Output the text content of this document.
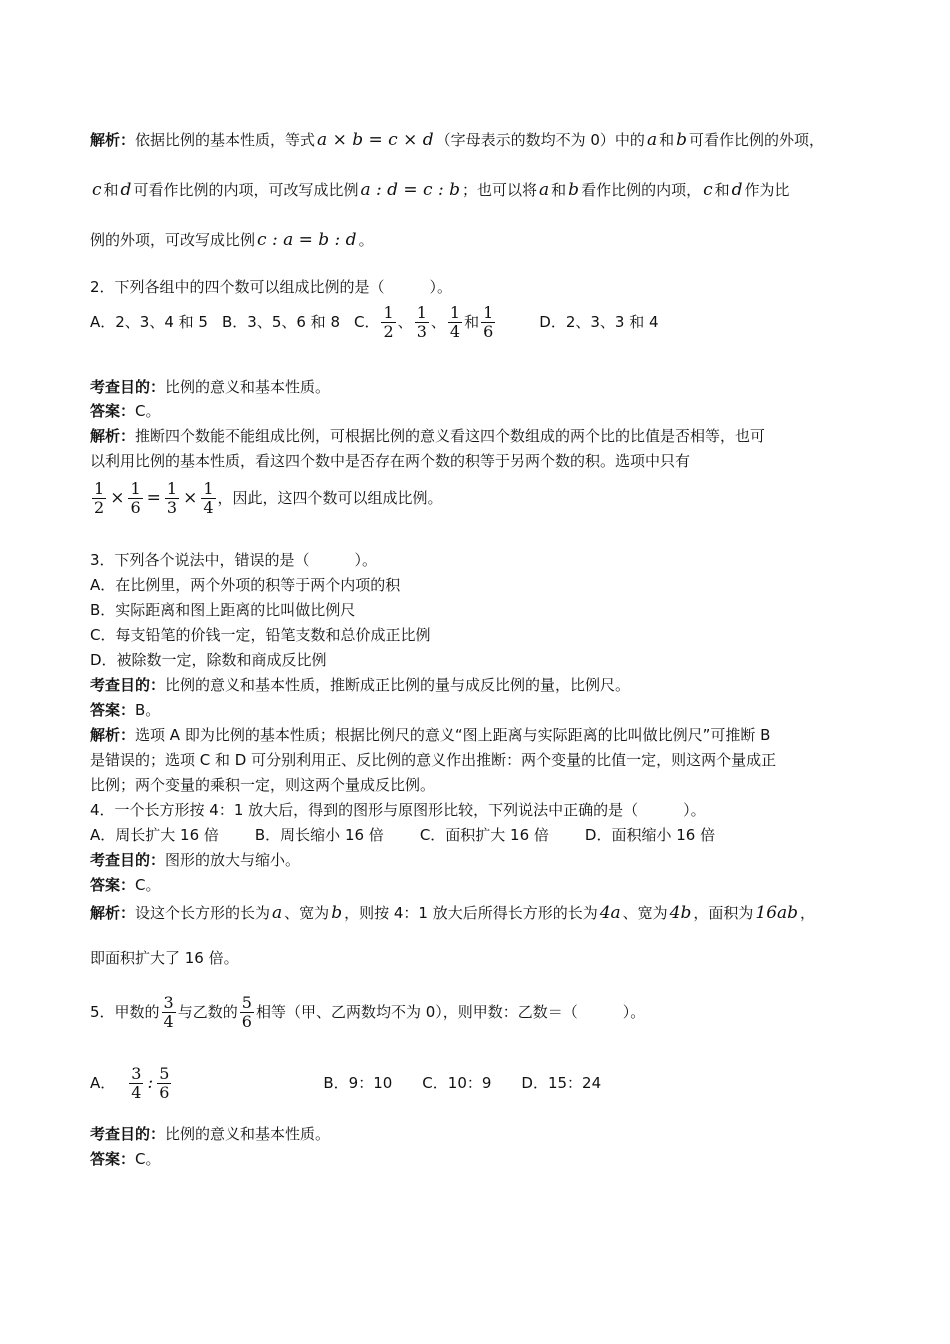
解析：依据比例的基本性质，等式 a × b = c × d （字母表示的数均不为 0）中的 a 和 b 可看作比例的外项，
c 和 d 可看作比例的内项，可改写成比例 a : d = c : b ；也可以将 a 和 b 看作比例的内项， c 和 d 作为比
例的外项，可改写成比例 c : a = b : d 。
2．下列各组中的四个数可以组成比例的是（　　　）。
A．2、3、4 和 5 B．3、5、6 和 8 C． $\frac{1}{2}$ 、 $\frac{1}{3}$ 、 $\frac{1}{4}$ 和 $\frac{1}{6}$	D．2、3、3 和 4
考查目的：比例的意义和基本性质。
答案：C。
解析：推断四个数能不能组成比例，可根据比例的意义看这四个数组成的两个比的比值是否相等，也可
以利用比例的基本性质，看这四个数中是否存在两个数的积等于另两个数的积。选项中只有
$\frac{1}{2} \times \frac{1}{6} = \frac{1}{3} \times \frac{1}{4}$ ，因此，这四个数可以组成比例。
3．下列各个说法中，错误的是（　　　）。
A．在比例里，两个外项的积等于两个内项的积
B．实际距离和图上距离的比叫做比例尺
C．每支铅笔的价钱一定，铅笔支数和总价成正比例
D．被除数一定，除数和商成反比例
考查目的：比例的意义和基本性质，推断成正比例的量与成反比例的量，比例尺。
答案：B。
解析：选项 A 即为比例的基本性质；根据比例尺的意义“图上距离与实际距离的比叫做比例尺”可推断 B
是错误的；选项 C 和 D 可分别利用正、反比例的意义作出推断：两个变量的比值一定，则这两个量成正
比例；两个变量的乘积一定，则这两个量成反比例。
4．一个长方形按 4：1 放大后，得到的图形与原图形比较，下列说法中正确的是（　　　）。
A．周长扩大 16 倍 B．周长缩小 16 倍 C．面积扩大 16 倍 D．面积缩小 16 倍
考查目的：图形的放大与缩小。
答案：C。
解析：设这个长方形的长为 a 、宽为 b ，则按 4：1 放大后所得长方形的长为 4a 、宽为 4b ，面积为 16ab ，
即面积扩大了 16 倍。
5．甲数的 $\frac{3}{4}$ 与乙数的 $\frac{5}{6}$ 相等（甲、乙两数均不为 0），则甲数：乙数＝（　　　）。
A． $\frac{3}{4}$ : $\frac{5}{6}$	B．9：10 C．10：9 D．15：24
考查目的：比例的意义和基本性质。
答案：C。
